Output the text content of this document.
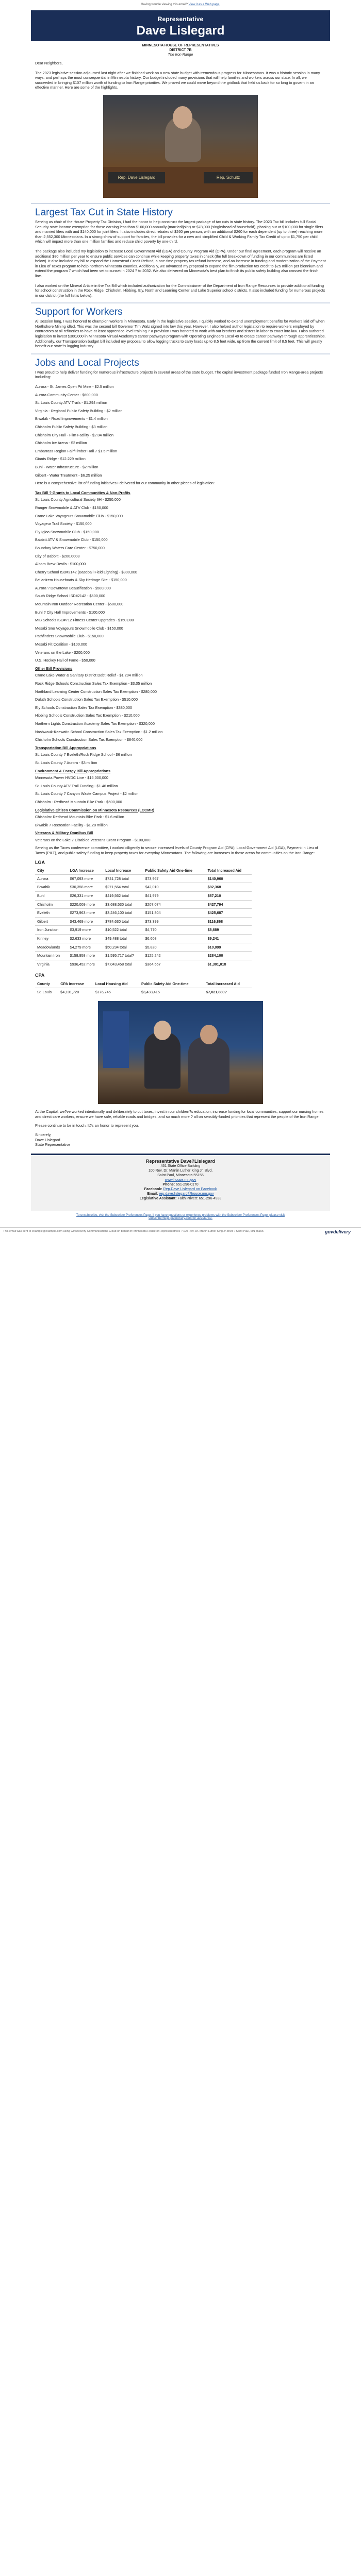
Having trouble viewing this email? View it as a Web page.
Representative
Dave Lislegard
MINNESOTA HOUSE OF REPRESENTATIVES
DISTRICT 7B
The Iron Range

Dear Neighbors,

The 2023 legislative session adjourned last night after we finished work on a new state budget with tremendous progress for Minnesotans. It was a historic session in many ways, and perhaps the most consequential in Minnesota history. Our budget included many provisions that will help families and workers across our state. In all, we succeeded in bringing $107 million worth of funding to Iron Range priorities. We proved we could move beyond the gridlock that held us back for so long to govern in an effective manner. Here are some of the highlights.

Rep. Dave Lislegard	Rep. Schultz
Largest Tax Cut in State History

Serving as chair of the House Property Tax Division, I had the honor to help construct the largest package of tax cuts in state history. The 2023 Tax bill includes full Social Security state income exemption for those earning less than $100,000 annually (married/joint) or $78,000 (single/head of household), phasing out at $100,000 for single filers and married filers with and $140,000 for joint filers. It also includes direct rebates of $260 per person, with an additional $260 for each dependent (up to three) reaching more than 2,552,300 Minnesotans. In a strong show of support for families, the bill provides for a new and simplified Child & Working Family Tax Credit of up to $1,750 per child which will impact more than one million families and reduce child poverty by one-third.

The package also included my legislation to increase Local Government Aid (LGA) and County Program Aid (CPA). Under our final agreement, each program will receive an additional $80 million per year to ensure public services can continue while keeping property taxes in check (the full breakdown of funding in our communities are listed below). It also included my bill to expand the Homestead Credit Refund, a one-time property tax refund increase, and an increase in funding and modernization of the Payment in Lieu of Taxes program to help northern Minnesota counties. Additionally, we advanced my proposal to expand the film production tax credit to $25 million per biennium and extend the program 7 which had been set to sunset in 2024 ? to 2032. We also delivered on Minnesota's best plan to finish its public safety building also crossed the finish line.

I also worked on the Mineral Article in the Tax Bill which included authorization for the Commissioner of the Department of Iron Range Resources to provide additional funding for school construction in the Rock Ridge, Chisholm, Hibbing, Ely, Northland Learning Center and Lake Superior school districts. It also included funding for numerous projects in our district (the full list is below).

Support for Workers

All session long, I was honored to champion workers in Minnesota. Early in the legislative session, I quickly worked to extend unemployment benefits for workers laid off when Northshore Mining idled. This was the second bill Governor Tim Walz signed into law this year. However, I also helped author legislation to require workers employed by contractors at oil refineries to have at least apprentice-level training ? a provision I was honored to work with our brothers and sisters in labor to enact into law. I also authored legislation to invest $300,000 in Minnesota Virtual Academy's career pathways program with Operating Engineers Local 49 to create career pathways through apprenticeships. Additionally, our Transportation budget bill included my proposal to allow logging trucks to carry loads up to 8.5 feet wide, up from the current limit of 8.5 feet. This will greatly benefit our state?s logging industry.

Jobs and Local Projects

I was proud to help deliver funding for numerous infrastructure projects in several areas of the state budget. The capital investment package funded Iron Range-area projects including:

Aurora - St. James Open Pit Mine - $2.5 million
Aurora Community Center - $600,000
St. Louis County ATV Trails - $1.294 million
Virginia - Regional Public Safety Building - $2 million
Biwabik - Road Improvements - $1.4 million
Chisholm Public Safety Building - $3 million
Chisholm City Hall - Film Facility - $2.04 million
Chisholm Ice Arena - $2 million
Embarrass Region Fair/Timber Hall 7 $1.5 million
Giants Ridge - $12.229 million
Buhl - Water Infrastructure - $2 million
Gilbert - Water Treatment - $6.25 million

Here is a comprehensive list of funding initiatives I delivered for our community in other pieces of legislation:

Tax Bill ? Grants to Local Communities & Non-Profits
St. Louis County Agricultural Society 6H - $250,000
Ranger Snowmobile & ATV Club - $150,000
Crane Lake Voyageurs Snowmobile Club - $150,000
Voyageur Trail Society - $150,000
Ely Igloo Snowmobile Club - $150,000
Babbitt ATV & Snowmobile Club - $150,000
Boundary Waters Care Center - $750,000
City of Babbitt - $200,0008
Albom Brew Devils - $100,000
Cherry School ISD#2142 (Baseball Field Lighting) - $300,000
Bellanirem Houseboats & Sky Heritage Site - $150,000
Aurora ? Downtown Beautification - $500,000
South Ridge School ISD#2142 - $500,000
Mountain Iron Outdoor Recreation Center - $500,000
Buhl ? City Hall Improvements - $100,000
MIB Schools ISD#712 Fitness Center Upgrades - $150,000
Mesabi Sno Voyageurs Snowmobile Club - $150,000
Pathfinders Snowmobile Club - $150,000
Mesabi Fit Coalition - $100,000
Veterans on the Lake - $200,000
U.S. Hockey Hall of Fame - $50,000
Other Bill Provisions
Crane Lake Water & Sanitary District Debt Relief - $1.294 million
Rock Ridge Schools Construction Sales Tax Exemption - $3.05 million
Northland Learning Center Construction Sales Tax Exemption - $280,000
Duluth Schools Construction Sales Tax Exemption - $510,000
Ely Schools Construction Sales Tax Exemption - $380,000
Hibbing Schools Construction Sales Tax Exemption - $210,000
Northern Lights Construction Academy Sales Tax Exemption - $320,000
Nashwauk-Keewatin School Construction Sales Tax Exemption - $1.2 million
Chisholm Schools Construction Sales Tax Exemption - $840,000
Transportation Bill Appropriations
St. Louis County 7 Eveleth/Rock Ridge School - $6 million
St. Louis County 7 Aurora - $3 million
Environment & Energy Bill Appropriations
Minnesota Power HVDC Line - $16,000,000
St. Louis County ATV Trail Funding - $1.46 million
St. Louis County 7 Canyon Waste Campus Project - $2 million
Chisholm - Redhead Mountain Bike Park - $500,000
Legislative Citizen Commission on Minnesota Resources (LCCMR)
Chisholm: Redhead Mountain Bike Park - $1.6 million
Biwabik 7 Recreation Facility - $1.28 million
Veterans & Military Omnibus Bill
Veterans on the Lake 7 Disabled Veterans Grant Program - $100,000

Serving as the Taxes conference committee, I worked diligently to secure increased levels of County Program Aid (CPA), Local Government Aid (LGA), Payment in Lieu of Taxes (PILT), and public safety funding to keep property taxes for everyday Minnesotans. The following are increases in those areas for communities on the Iron Range:

LGA
City	LGA Increase	Local Increase	Public Safety Aid One-time	Total Increased Aid
Aurora	$67,093 more	$741,728 total	$73,967	$140,960
Biwabik	$30,358 more	$271,564 total	$42,010	$82,368
Buhl	$26,331 more	$419,562 total	$41,979	$67,210
Chisholm	$220,009 more	$3,688,530 total	$207,074	$427,794
Eveleth	$273,963 more	$3,246,100 total	$151,804	$425,687
Gilbert	$43,469 more	$784,630 total	$73,399	$116,868
Iron Junction	$3,919 more	$10,522 total	$4,770	$8,689
Kinney	$2,633 more	$49,488 total	$6,608	$9,241
Meadowlands	$4,279 more	$50,234 total	$5,820	$10,099
Mountain Iron	$158,958 more	$1,595,717 total?	$125,242	$284,100
Virginia	$936,452 more	$7,043,458 total	$364,567	$1,301,018
CPA
County	CPA Increase	Local Housing Aid	Public Safety Aid One-time	Total Increased Aid
St. Louis	$4,101,720	$176,745	$3,433,415	$7,021,880?

At the Capitol, we?ve worked intentionally and deliberately to cut taxes, invest in our children?s education, increase funding for local communities, support our nursing homes and direct care workers, ensure we have safe, reliable roads and bridges, and so much more ? all on sensibly-funded priorities that represent the people of the Iron Range.

Please continue to be in touch. It?s an honor to represent you.

Sincerely,

Dave Lislegard
State Representative
Representative Dave?Lislegard
451 State Office Building
100 Rev. Dr. Martin Luther King Jr. Blvd.
Saint Paul, Minnesota 55155
www.house.mn.gov
Phone: 651-296-0170
Facebook: Rep.Dave Lislegard on Facebook
Email: rep.dave.lislegard@house.mn.gov
Legislative Assistant: Faith Privett: 651-296-4933
To unsubscribe, visit the Subscriber Preferences Page. If you have questions or experience problems with the Subscriber Preferences Page, please visit
subscriberhelp.govdelivery.com for assistance.
This email was sent to example@example.com using GovDelivery Communications Cloud on behalf of: Minnesota House of Representatives ? 100 Rev. Dr. Martin Luther King Jr. Blvd ? Saint Paul, MN 55155	govdelivery
